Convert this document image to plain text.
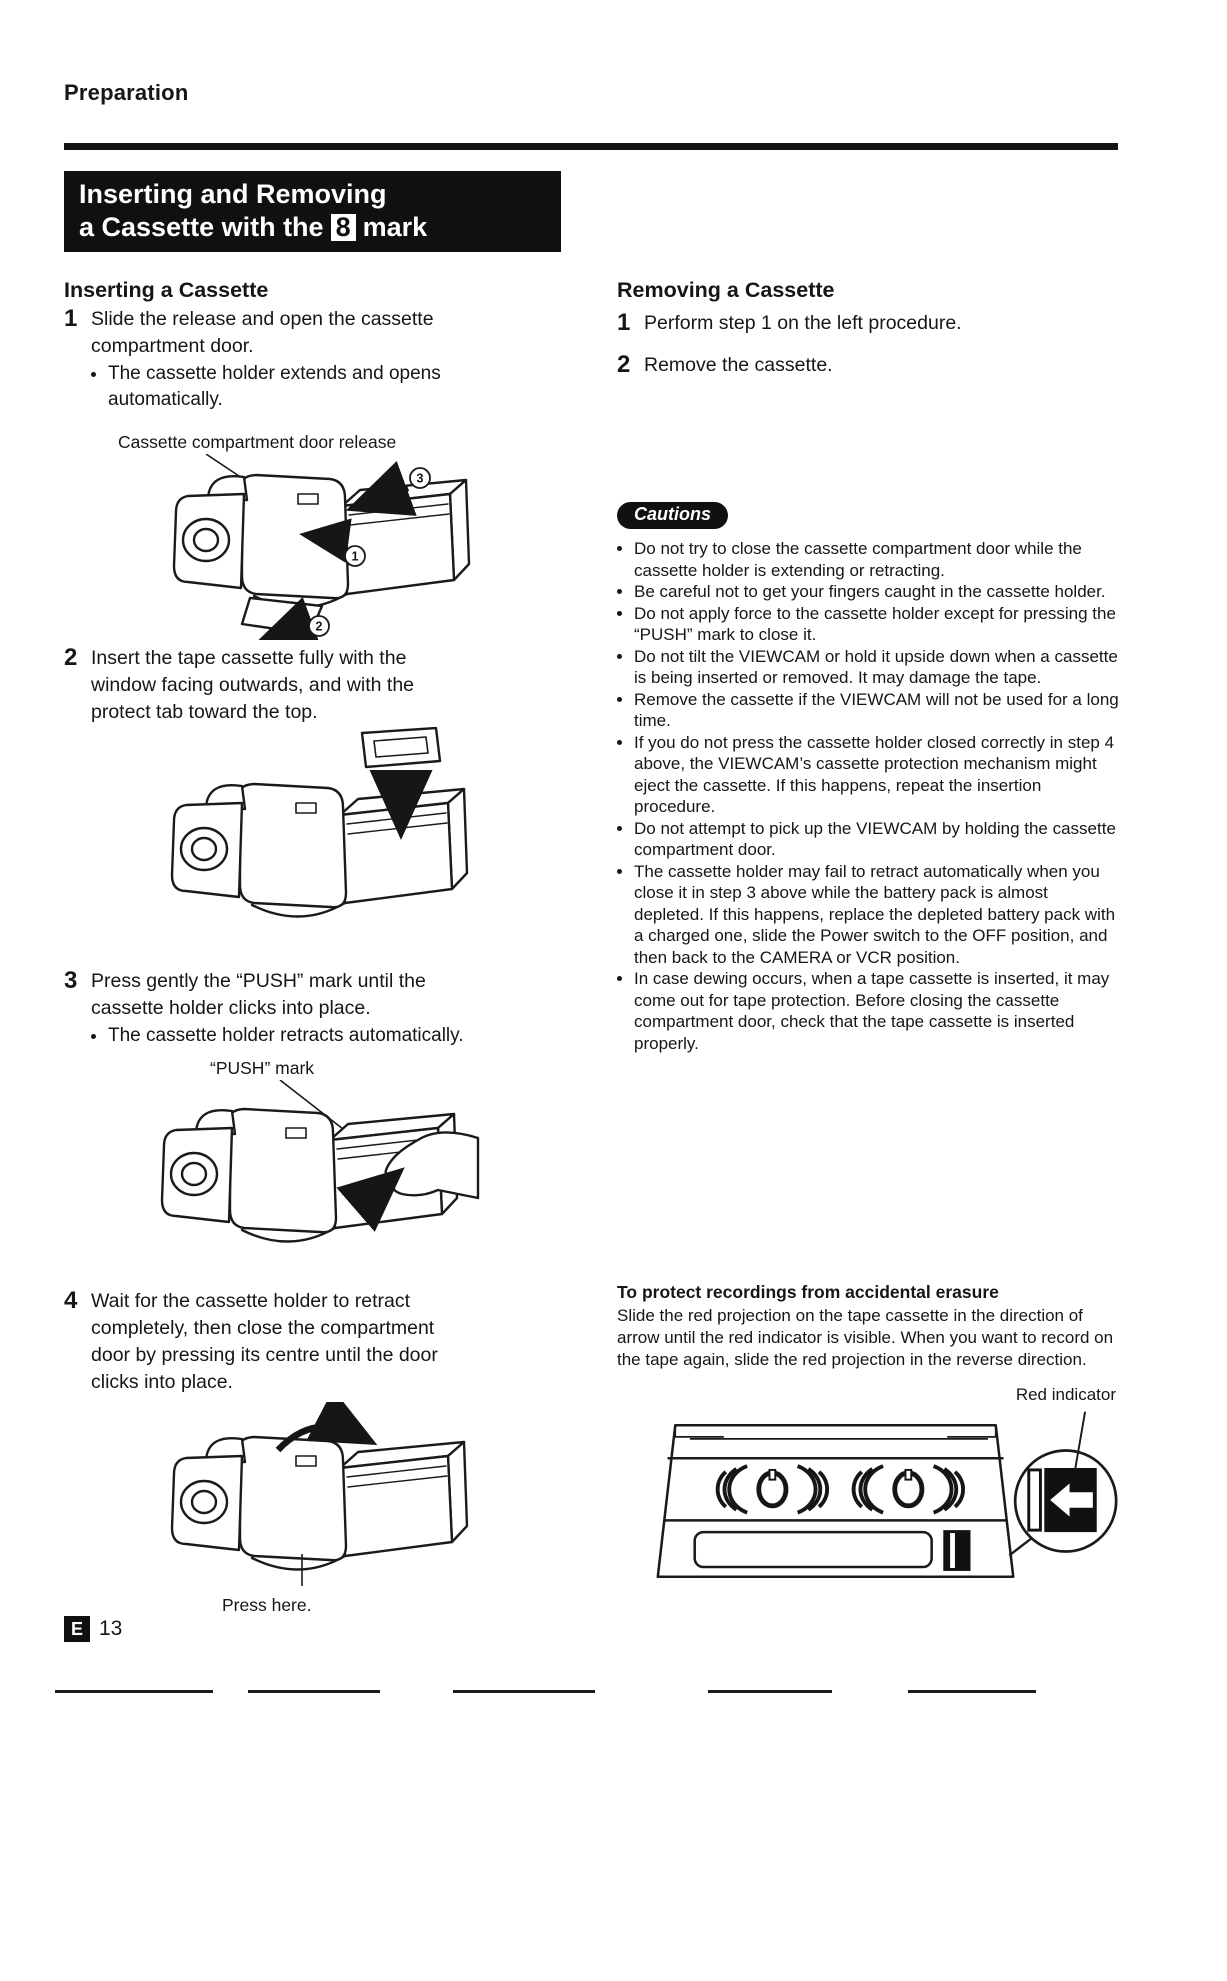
Preparation
Inserting and Removing
a Cassette with the 8 mark
Inserting a Cassette
1 Slide the release and open the cassette compartment door.
• The cassette holder extends and opens automatically.
Cassette compartment door release
3
1
2
2 Insert the tape cassette fully with the window facing outwards, and with the protect tab toward the top.
3 Press gently the “PUSH” mark until the cassette holder clicks into place.
• The cassette holder retracts automatically.
“PUSH” mark
4 Wait for the cassette holder to retract completely, then close the compartment door by pressing its centre until the door clicks into place.
Press here.
Removing a Cassette
1 Perform step 1 on the left procedure.
2 Remove the cassette.
Cautions
• Do not try to close the cassette compartment door while the cassette holder is extending or retracting.
• Be careful not to get your fingers caught in the cassette holder.
• Do not apply force to the cassette holder except for pressing the “PUSH” mark to close it.
• Do not tilt the VIEWCAM or hold it upside down when a cassette is being inserted or removed. It may damage the tape.
• Remove the cassette if the VIEWCAM will not be used for a long time.
• If you do not press the cassette holder closed correctly in step 4 above, the VIEWCAM’s cassette protection mechanism might eject the cassette. If this happens, repeat the insertion procedure.
• Do not attempt to pick up the VIEWCAM by holding the cassette compartment door.
• The cassette holder may fail to retract automatically when you close it in step 3 above while the battery pack is almost depleted. If this happens, replace the depleted battery pack with a charged one, slide the Power switch to the OFF position, and then back to the CAMERA or VCR position.
• In case dewing occurs, when a tape cassette is inserted, it may come out for tape protection. Before closing the cassette compartment door, check that the tape cassette is inserted properly.
To protect recordings from accidental erasure

Slide the red projection on the tape cassette in the direction of arrow until the red indicator is visible. When you want to record on the tape again, slide the red projection in the reverse direction.

Red indicator
E 13
